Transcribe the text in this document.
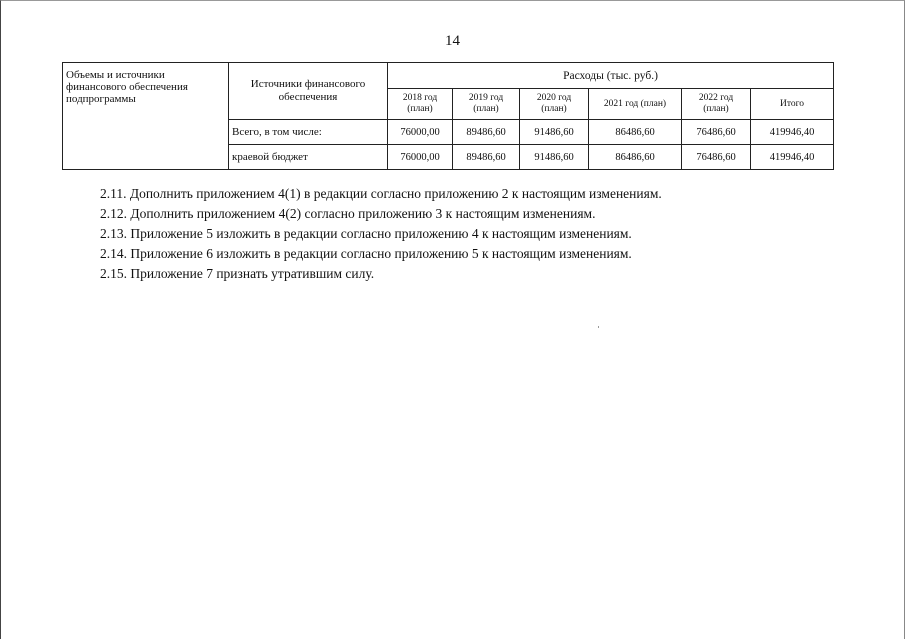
14
Объемы и источники финансового обеспечения подпрограммы	Источники финансового обеспечения	Расходы (тыс. руб.)					
		2018 год (план)	2019 год (план)	2020 год (план)	2021 год (план)	2022 год (план)	Итого
	Всего, в том числе:	76000,00	89486,60	91486,60	86486,60	76486,60	419946,40
	краевой бюджет	76000,00	89486,60	91486,60	86486,60	76486,60	419946,40
2.11. Дополнить приложением 4(1) в редакции согласно приложению 2 к настоящим изменениям.
2.12. Дополнить приложением 4(2) согласно приложению 3 к настоящим изменениям.
2.13. Приложение 5 изложить в редакции согласно приложению 4 к настоящим изменениям.
2.14. Приложение 6 изложить в редакции согласно приложению 5 к настоящим изменениям.
2.15. Приложение 7 признать утратившим силу.
